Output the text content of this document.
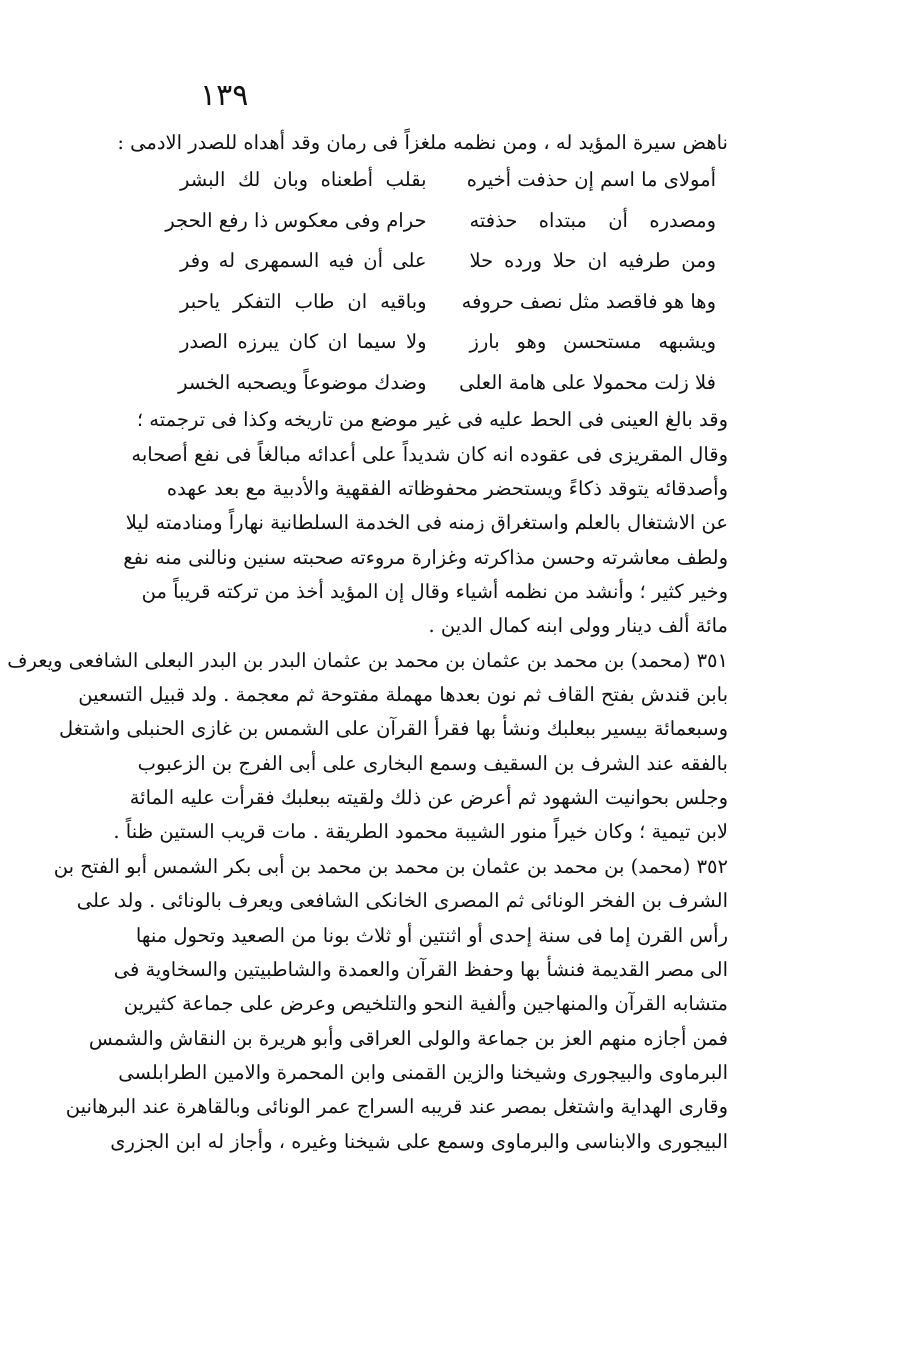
١٣٩
ناهض سيرة المؤيد له ، ومن نظمه ملغزاً فى رمان وقد أهداه للصدر الادمى :
أمولاى ما اسم إن حذفت أخيره
بقلب أطعناه وبان لك البشر
ومصدره أن مبتداه حذفته
حرام وفى معكوس ذا رفع الحجر
ومن طرفيه ان حلا ورده حلا
على أن فيه السمهرى له وفر
وها هو فاقصد مثل نصف حروفه
وباقيه ان طاب التفكر ياحبر
ويشبهه مستحسن وهو بارز
ولا سيما ان كان يبرزه الصدر
فلا زلت محمولا على هامة العلى
وضدك موضوعاً ويصحبه الخسر
وقد بالغ العينى فى الحط عليه فى غير موضع من تاريخه وكذا فى ترجمته ؛
وقال المقريزى فى عقوده انه كان شديداً على أعدائه مبالغاً فى نفع أصحابه
وأصدقائه يتوقد ذكاءً ويستحضر محفوظاته الفقهية والأدبية مع بعد عهده
عن الاشتغال بالعلم واستغراق زمنه فى الخدمة السلطانية نهاراً ومنادمته ليلا
ولطف معاشرته وحسن مذاكرته وغزارة مروءته صحبته سنين ونالنى منه نفع
وخير كثير ؛ وأنشد من نظمه أشياء وقال إن المؤيد أخذ من تركته قريباً من
مائة ألف دينار وولى ابنه كمال الدين .
٣٥١ (محمد) بن محمد بن عثمان بن محمد بن عثمان البدر بن البدر البعلى الشافعى ويعرف
بابن قندش بفتح القاف ثم نون بعدها مهملة مفتوحة ثم معجمة . ولد قبيل التسعين
وسبعمائة بيسير ببعلبك ونشأ بها فقرأ القرآن على الشمس بن غازى الحنبلى واشتغل
بالفقه عند الشرف بن السقيف وسمع البخارى على أبى الفرج بن الزعبوب
وجلس بحوانيت الشهود ثم أعرض عن ذلك ولقيته ببعلبك فقرأت عليه المائة
لابن تيمية ؛ وكان خيراً منور الشيبة محمود الطريقة . مات قريب الستين ظناً .
٣٥٢ (محمد) بن محمد بن عثمان بن محمد بن محمد بن أبى بكر الشمس أبو الفتح بن
الشرف بن الفخر الونائى ثم المصرى الخانكى الشافعى ويعرف بالونائى . ولد على
رأس القرن إما فى سنة إحدى أو اثنتين أو ثلاث بونا من الصعيد وتحول منها
الى مصر القديمة فنشأ بها وحفظ القرآن والعمدة والشاطبيتين والسخاوية فى
متشابه القرآن والمنهاجين وألفية النحو والتلخيص وعرض على جماعة كثيرين
فمن أجازه منهم العز بن جماعة والولى العراقى وأبو هريرة بن النقاش والشمس
البرماوى والبيجورى وشيخنا والزين القمنى وابن المحمرة والامين الطرابلسى
وقارى الهداية واشتغل بمصر عند قريبه السراج عمر الونائى وبالقاهرة عند البرهانين
البيجورى والابناسى والبرماوى وسمع على شيخنا وغيره ، وأجاز له ابن الجزرى
